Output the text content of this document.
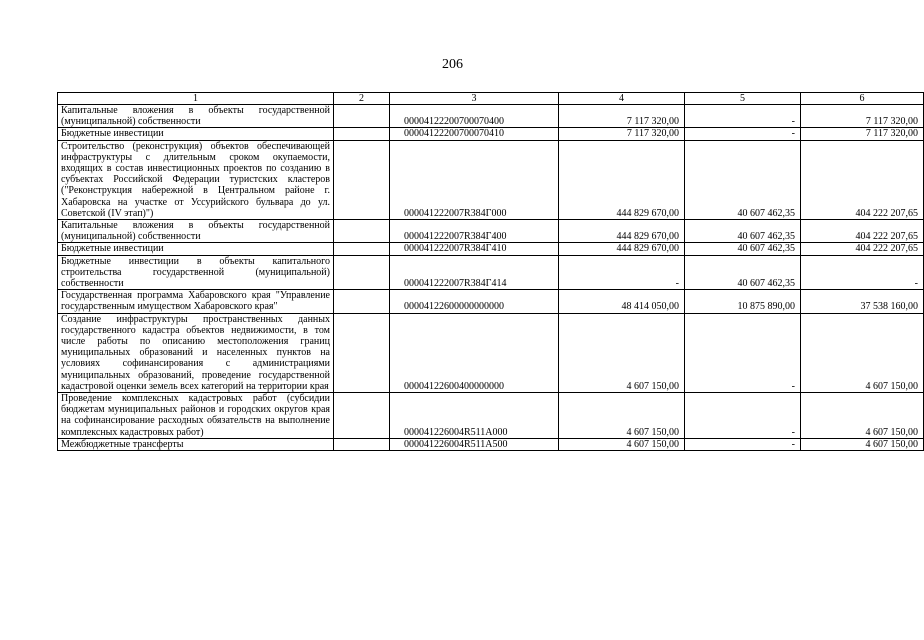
206
1	2	3	4	5	6
Капитальные вложения в объекты государственной (муниципальной) собственности		00004122200700070400	7 117 320,00	-	7 117 320,00
Бюджетные инвестиции		00004122200700070410	7 117 320,00	-	7 117 320,00
Строительство (реконструкция) объектов обеспечивающей инфраструктуры с длительным сроком окупаемости, входящих в состав инвестиционных проектов по созданию в субъектах Российской Федерации туристских кластеров ("Реконструкция набережной в Центральном районе г. Хабаровска на участке от Уссурийского бульвара до ул. Советской (IV этап)")		000041222007R384Г000	444 829 670,00	40 607 462,35	404 222 207,65
Капитальные вложения в объекты государственной (муниципальной) собственности		000041222007R384Г400	444 829 670,00	40 607 462,35	404 222 207,65
Бюджетные инвестиции		000041222007R384Г410	444 829 670,00	40 607 462,35	404 222 207,65
Бюджетные инвестиции в объекты капитального строительства государственной (муниципальной) собственности		000041222007R384Г414	-	40 607 462,35	-
Государственная программа Хабаровского края "Управление государственным имуществом Хабаровского края"		00004122600000000000	48 414 050,00	10 875 890,00	37 538 160,00
Создание инфраструктуры пространственных данных государственного кадастра объектов недвижимости, в том числе работы по описанию местоположения границ муниципальных образований и населенных пунктов на условиях софинансирования с администрациями муниципальных образований, проведение государственной кадастровой оценки земель всех категорий на территории края		00004122600400000000	4 607 150,00	-	4 607 150,00
Проведение комплексных кадастровых работ (субсидии бюджетам муниципальных районов и городских округов края на софинансирование расходных обязательств на выполнение комплексных кадастровых работ)		000041226004R511А000	4 607 150,00	-	4 607 150,00
Межбюджетные трансферты		000041226004R511А500	4 607 150,00	-	4 607 150,00
